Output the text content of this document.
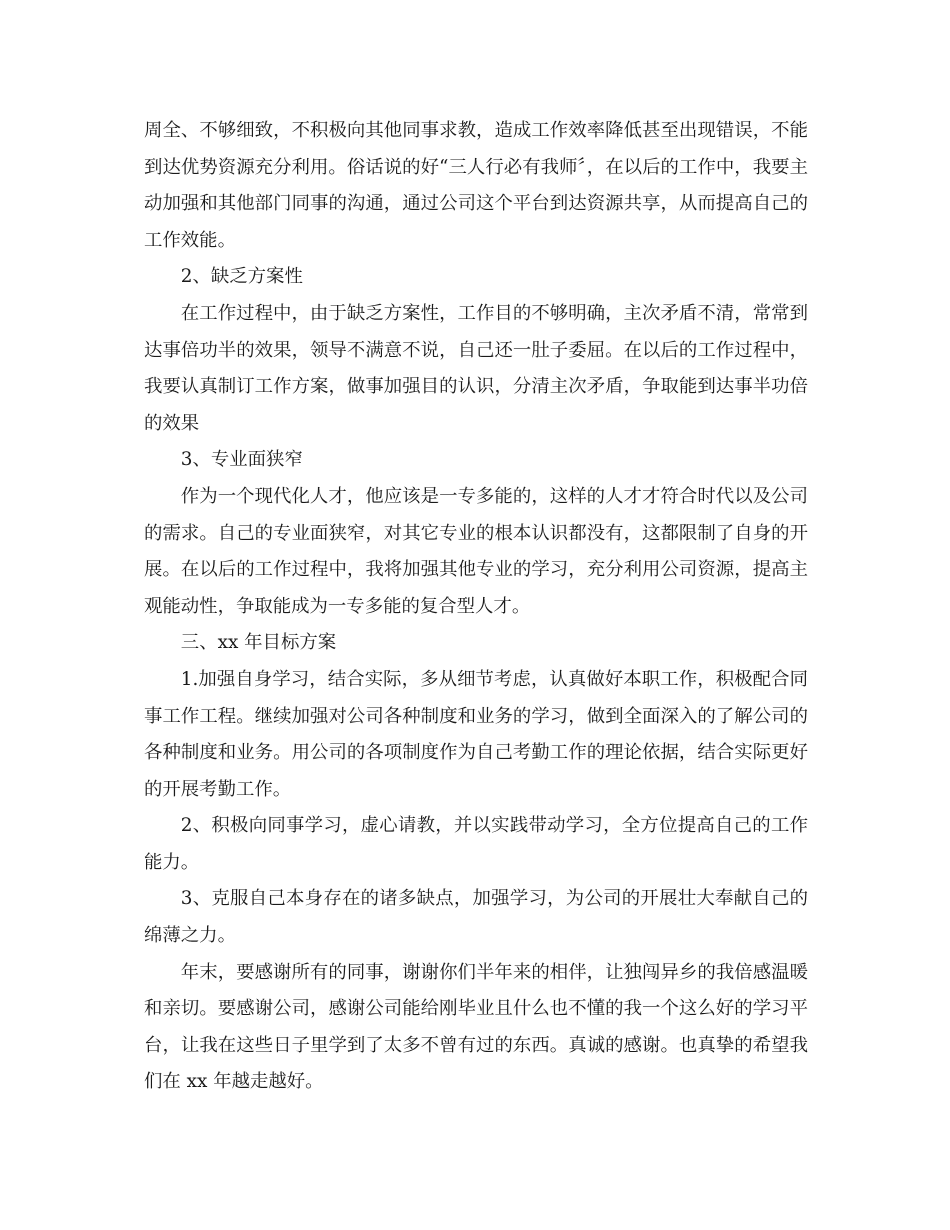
周全、不够细致，不积极向其他同事求教，造成工作效率降低甚至出现错误，不能到达优势资源充分利用。俗话说的好“三人行必有我师〞，在以后的工作中，我要主动加强和其他部门同事的沟通，通过公司这个平台到达资源共享，从而提高自己的工作效能。

2、缺乏方案性

在工作过程中，由于缺乏方案性，工作目的不够明确，主次矛盾不清，常常到达事倍功半的效果，领导不满意不说，自己还一肚子委屈。在以后的工作过程中，我要认真制订工作方案，做事加强目的认识，分清主次矛盾，争取能到达事半功倍的效果

3、专业面狭窄

作为一个现代化人才，他应该是一专多能的，这样的人才才符合时代以及公司的需求。自己的专业面狭窄，对其它专业的根本认识都没有，这都限制了自身的开展。在以后的工作过程中，我将加强其他专业的学习，充分利用公司资源，提高主观能动性，争取能成为一专多能的复合型人才。

三、xx 年目标方案

1.加强自身学习，结合实际，多从细节考虑，认真做好本职工作，积极配合同事工作工程。继续加强对公司各种制度和业务的学习，做到全面深入的了解公司的各种制度和业务。用公司的各项制度作为自己考勤工作的理论依据，结合实际更好的开展考勤工作。

2、积极向同事学习，虚心请教，并以实践带动学习，全方位提高自己的工作能力。

3、克服自己本身存在的诸多缺点，加强学习，为公司的开展壮大奉献自己的绵薄之力。

年末，要感谢所有的同事，谢谢你们半年来的相伴，让独闯异乡的我倍感温暖和亲切。要感谢公司，感谢公司能给刚毕业且什么也不懂的我一个这么好的学习平台，让我在这些日子里学到了太多不曾有过的东西。真诚的感谢。也真挚的希望我们在 xx 年越走越好。
